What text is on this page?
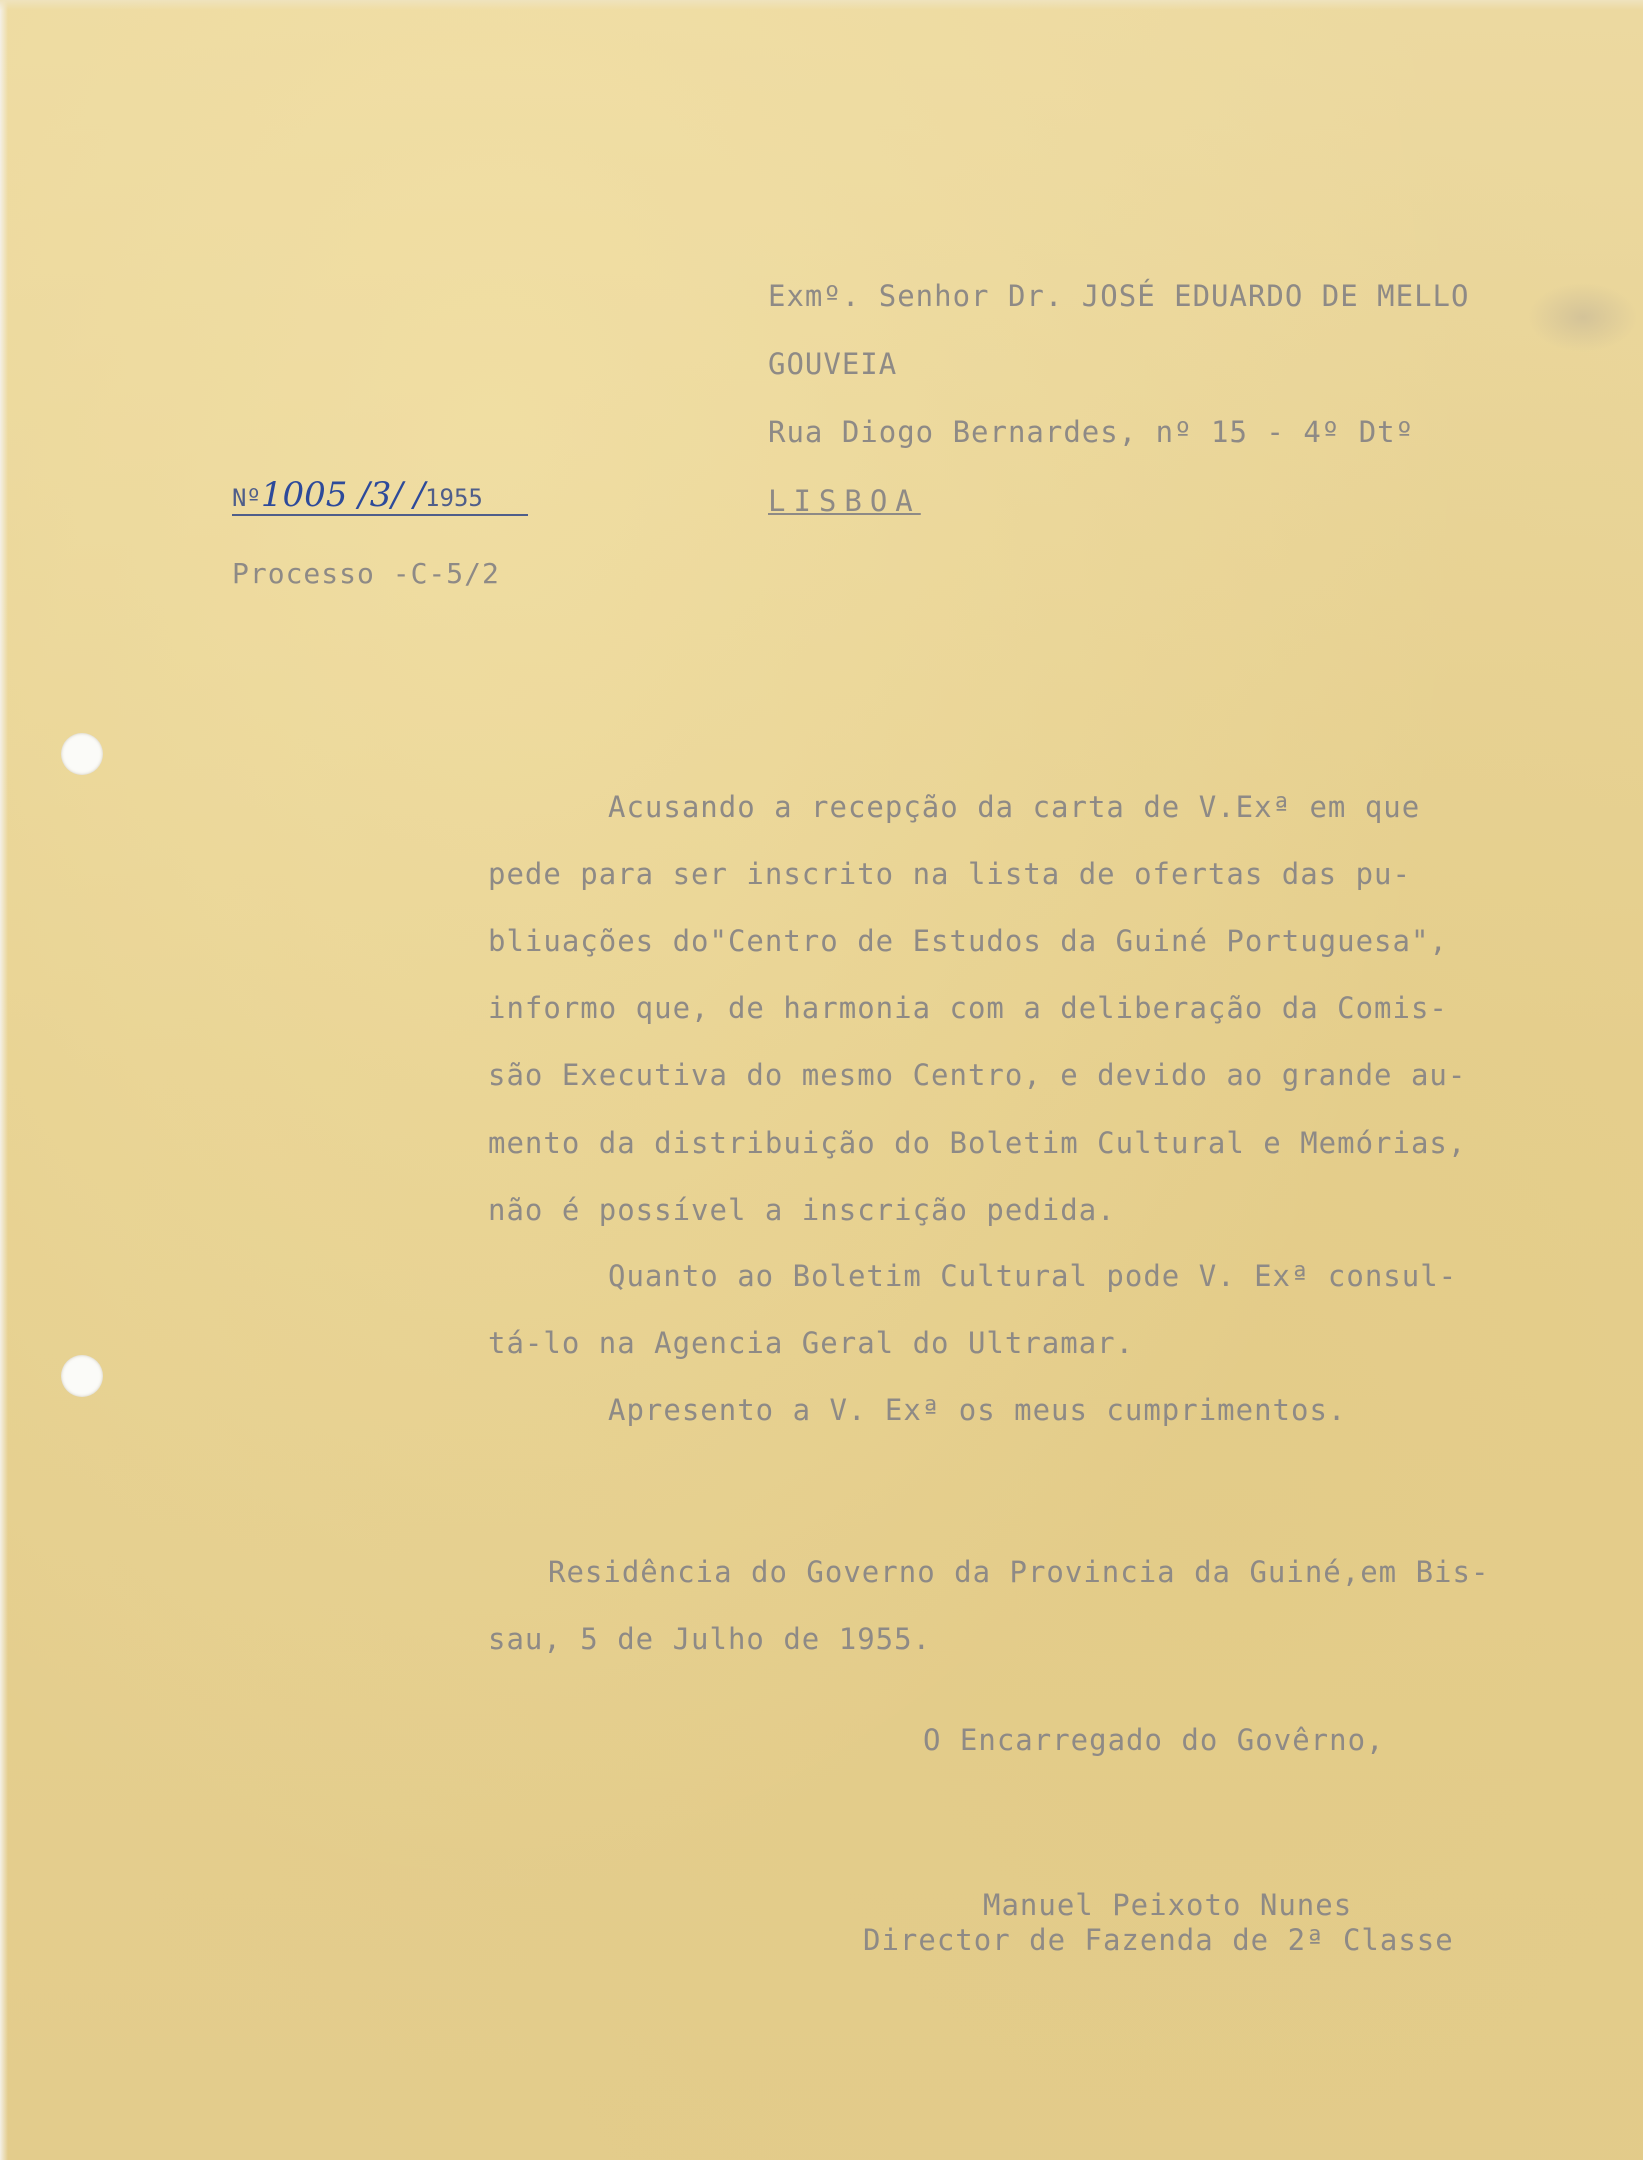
Exmº. Senhor Dr. JOSÉ EDUARDO DE MELLO
GOUVEIA
Rua Diogo Bernardes, nº 15 - 4º Dtº
LISBOA
Nº1005 /3/ /1955
Processo -C-5/2
Acusando a recepção da carta de V.Exª em que
pede para ser inscrito na lista de ofertas das pu-
bliuações do"Centro de Estudos da Guiné Portuguesa",
informo que, de harmonia com a deliberação da Comis-
são Executiva do mesmo Centro, e devido ao grande au-
mento da distribuição do Boletim Cultural e Memórias,
não é possível a inscrição pedida.
Quanto ao Boletim Cultural pode V. Exª consul-
tá-lo na Agencia Geral do Ultramar.
Apresento a V. Exª os meus cumprimentos.
Residência do Governo da Provincia da Guiné,em Bis-
sau, 5 de Julho de 1955.
O Encarregado do Govêrno,
Manuel Peixoto Nunes
Director de Fazenda de 2ª Classe
